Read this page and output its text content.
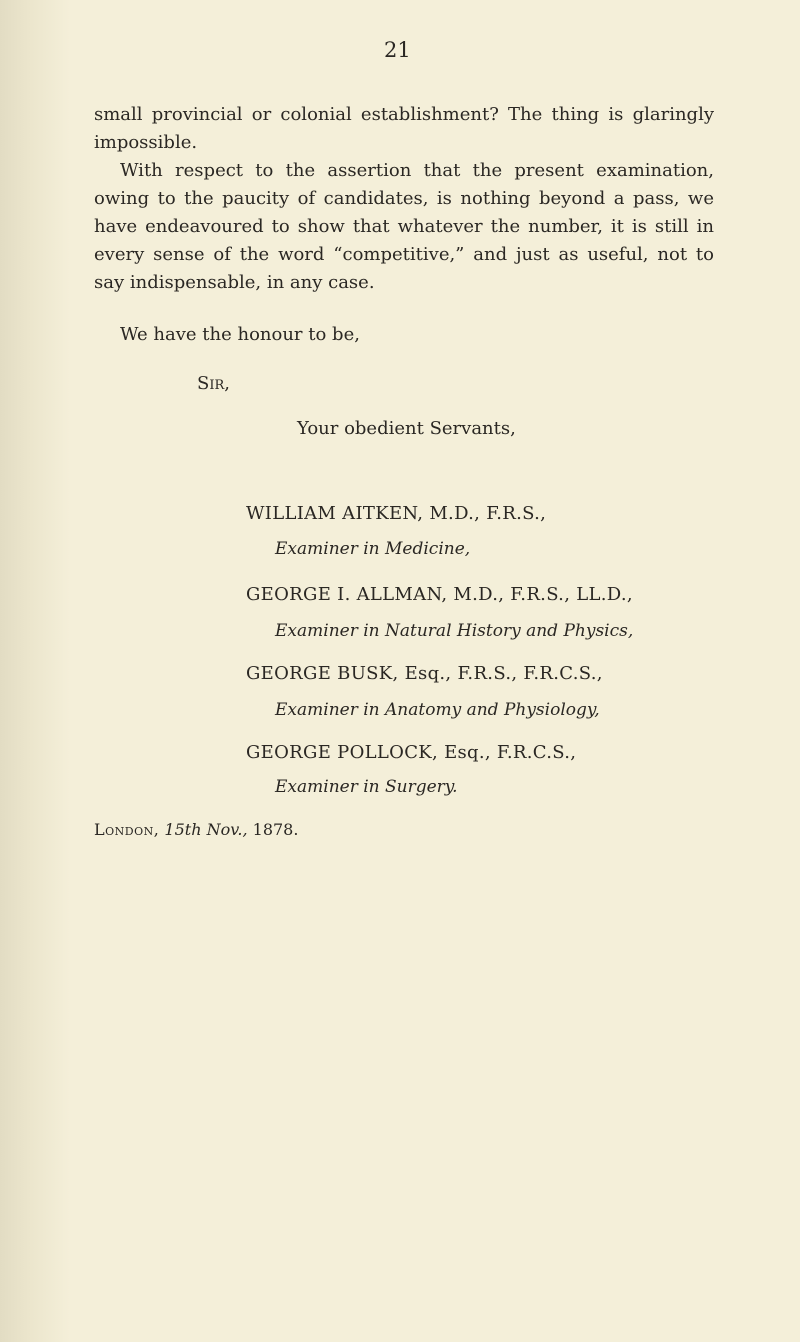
21
small provincial or colonial establishment? The thing is glaringly impossible.
With respect to the assertion that the present examination, owing to the paucity of candidates, is nothing beyond a pass, we have endeavoured to show that whatever the number, it is still in every sense of the word “competitive,” and just as useful, not to say indispensable, in any case.
We have the honour to be,
Sir,
Your obedient Servants,
WILLIAM AITKEN, M.D., F.R.S.,
Examiner in Medicine,
GEORGE I. ALLMAN, M.D., F.R.S., LL.D.,
Examiner in Natural History and Physics,
GEORGE BUSK, Esq., F.R.S., F.R.C.S.,
Examiner in Anatomy and Physiology,
GEORGE POLLOCK, Esq., F.R.C.S.,
Examiner in Surgery.
London, 15th Nov., 1878.
